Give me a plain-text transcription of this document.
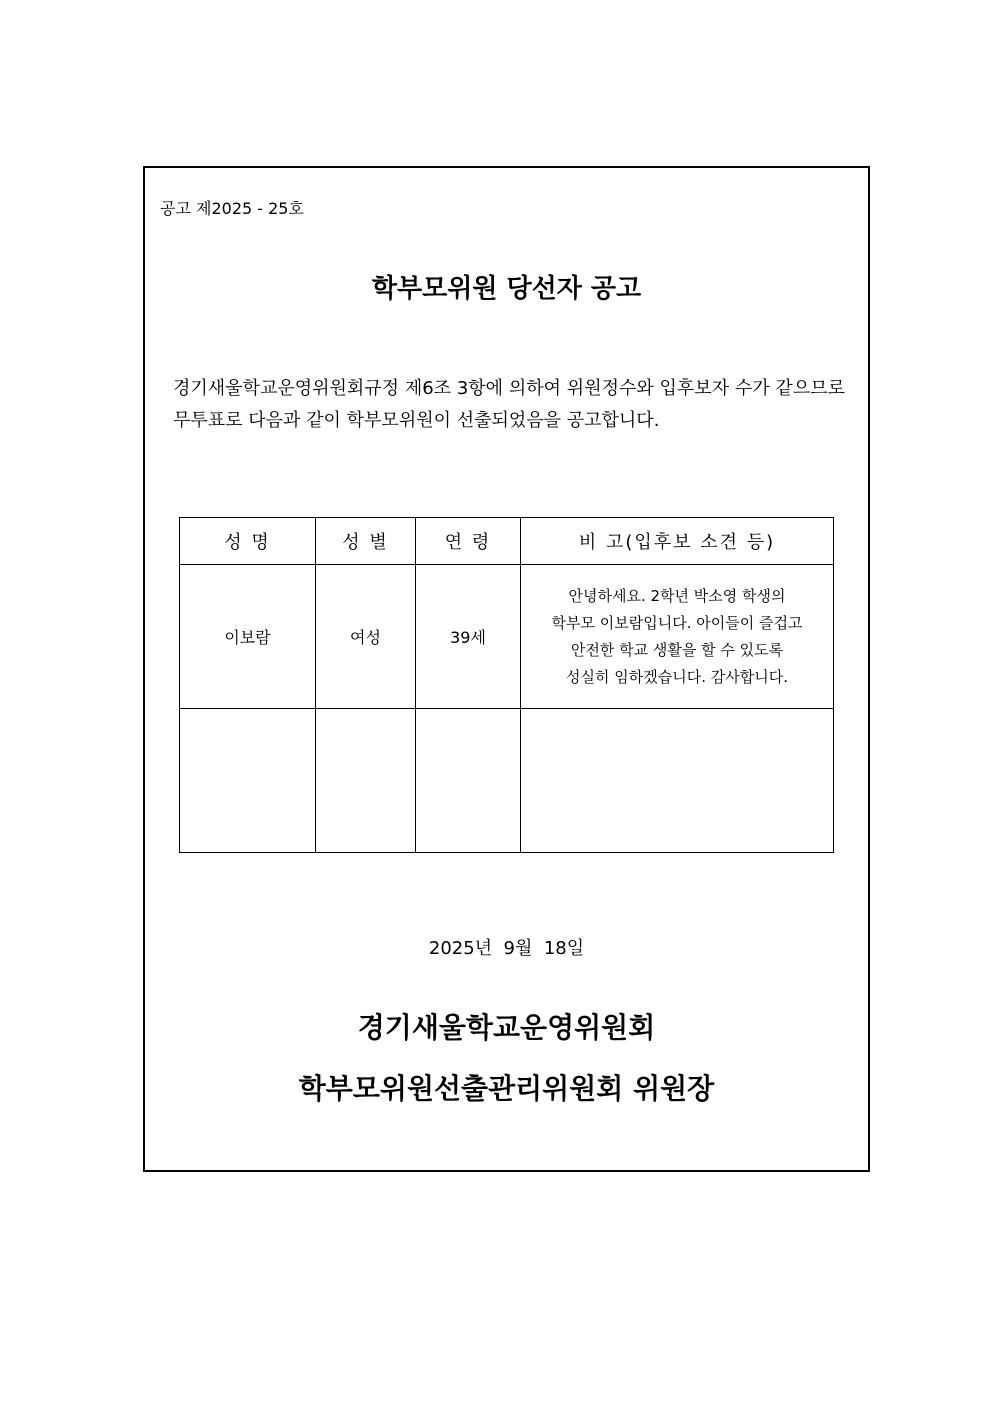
공고 제2025 - 25호
학부모위원 당선자 공고
경기새울학교운영위원회규정 제6조 3항에 의하여 위원정수와 입후보자 수가 같으므로 무투표로 다음과 같이 학부모위원이 선출되었음을 공고합니다.
성 명	성 별	연 령	비 고(입후보 소견 등)
이보람	여성	39세	안녕하세요. 2학년 박소영 학생의
학부모 이보람입니다. 아이들이 즐겁고
안전한 학교 생활을 할 수 있도록
성실히 임하겠습니다. 감사합니다.

2025년  9월  18일
경기새울학교운영위원회
학부모위원선출관리위원회 위원장
